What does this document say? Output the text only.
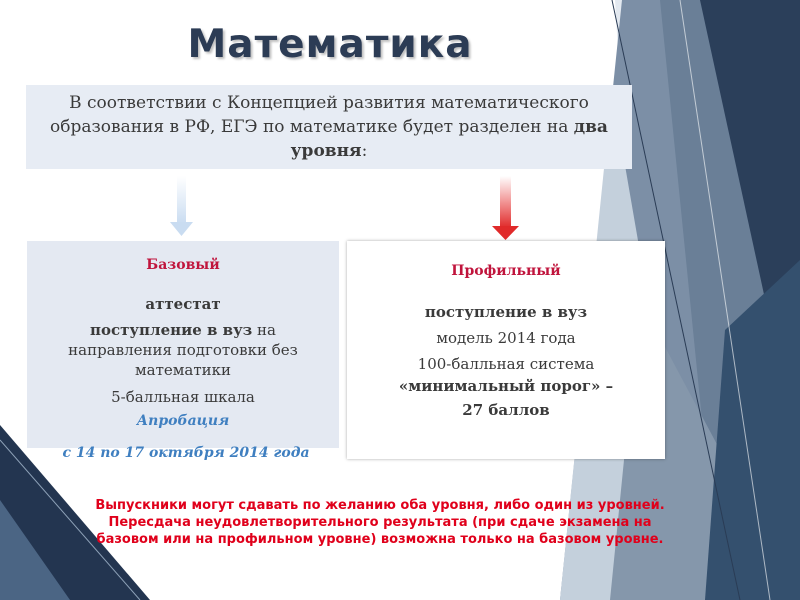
Математика
В соответствии с Концепцией развития математического образования в РФ, ЕГЭ по математике будет разделен на два уровня:
Базовый
аттестат
поступление в вуз на направления подготовки без математики
5-балльная шкала
Апробация
с 14 по 17 октября 2014 года
Профильный
поступление в вуз
модель 2014 года
100-балльная система
«минимальный порог» –
27 баллов
Выпускники могут сдавать по желанию оба уровня, либо один из уровней.
Пересдача неудовлетворительного результата (при сдаче экзамена на
базовом или на профильном уровне) возможна только на базовом уровне.
